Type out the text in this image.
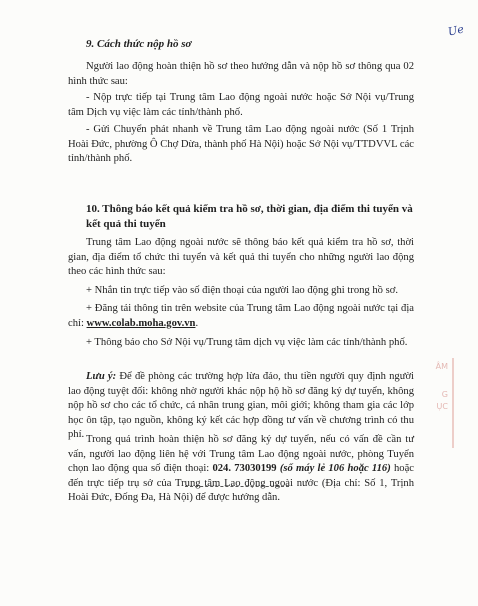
Ue
9. Cách thức nộp hồ sơ
Người lao động hoàn thiện hồ sơ theo hướng dẫn và nộp hồ sơ thông qua 02 hình thức sau:
- Nộp trực tiếp tại Trung tâm Lao động ngoài nước hoặc Sở Nội vụ/Trung tâm Dịch vụ việc làm các tỉnh/thành phố.
- Gửi Chuyển phát nhanh về Trung tâm Lao động ngoài nước (Số 1 Trịnh Hoài Đức, phường Ô Chợ Dừa, thành phố Hà Nội) hoặc Sở Nội vụ/TTDVVL các tỉnh/thành phố.
10. Thông báo kết quả kiểm tra hồ sơ, thời gian, địa điểm thi tuyển và kết quả thi tuyển
Trung tâm Lao động ngoài nước sẽ thông báo kết quả kiểm tra hồ sơ, thời gian, địa điểm tổ chức thi tuyển và kết quả thi tuyển cho những người lao động theo các hình thức sau:
+ Nhắn tin trực tiếp vào số điện thoại của người lao động ghi trong hồ sơ.
+ Đăng tải thông tin trên website của Trung tâm Lao động ngoài nước tại địa chỉ: www.colab.moha.gov.vn.
+ Thông báo cho Sở Nội vụ/Trung tâm dịch vụ việc làm các tỉnh/thành phố.
Lưu ý: Để đề phòng các trường hợp lừa đảo, thu tiền người quy định người lao động tuyệt đối: không nhờ người khác nộp hộ hồ sơ đăng ký dự tuyển, không nộp hồ sơ cho các tổ chức, cá nhân trung gian, môi giới; không tham gia các lớp học ôn tập, tạo nguồn, không ký kết các hợp đồng tư vấn về chương trình có thu phí. Trong quá trình hoàn thiện hồ sơ đăng ký dự tuyển, nếu có vấn đề cần tư vấn, người lao động liên hệ với Trung tâm Lao động ngoài nước, phòng Tuyển chọn lao động qua số điện thoại: 024. 73030199 (số máy lẻ 106 hoặc 116) hoặc đến trực tiếp trụ sở của Trung tâm Lao động ngoài nước (Địa chỉ: Số 1, Trịnh Hoài Đức, Đống Đa, Hà Nội) để được hướng dẫn.
ÂM
G
ỤC
